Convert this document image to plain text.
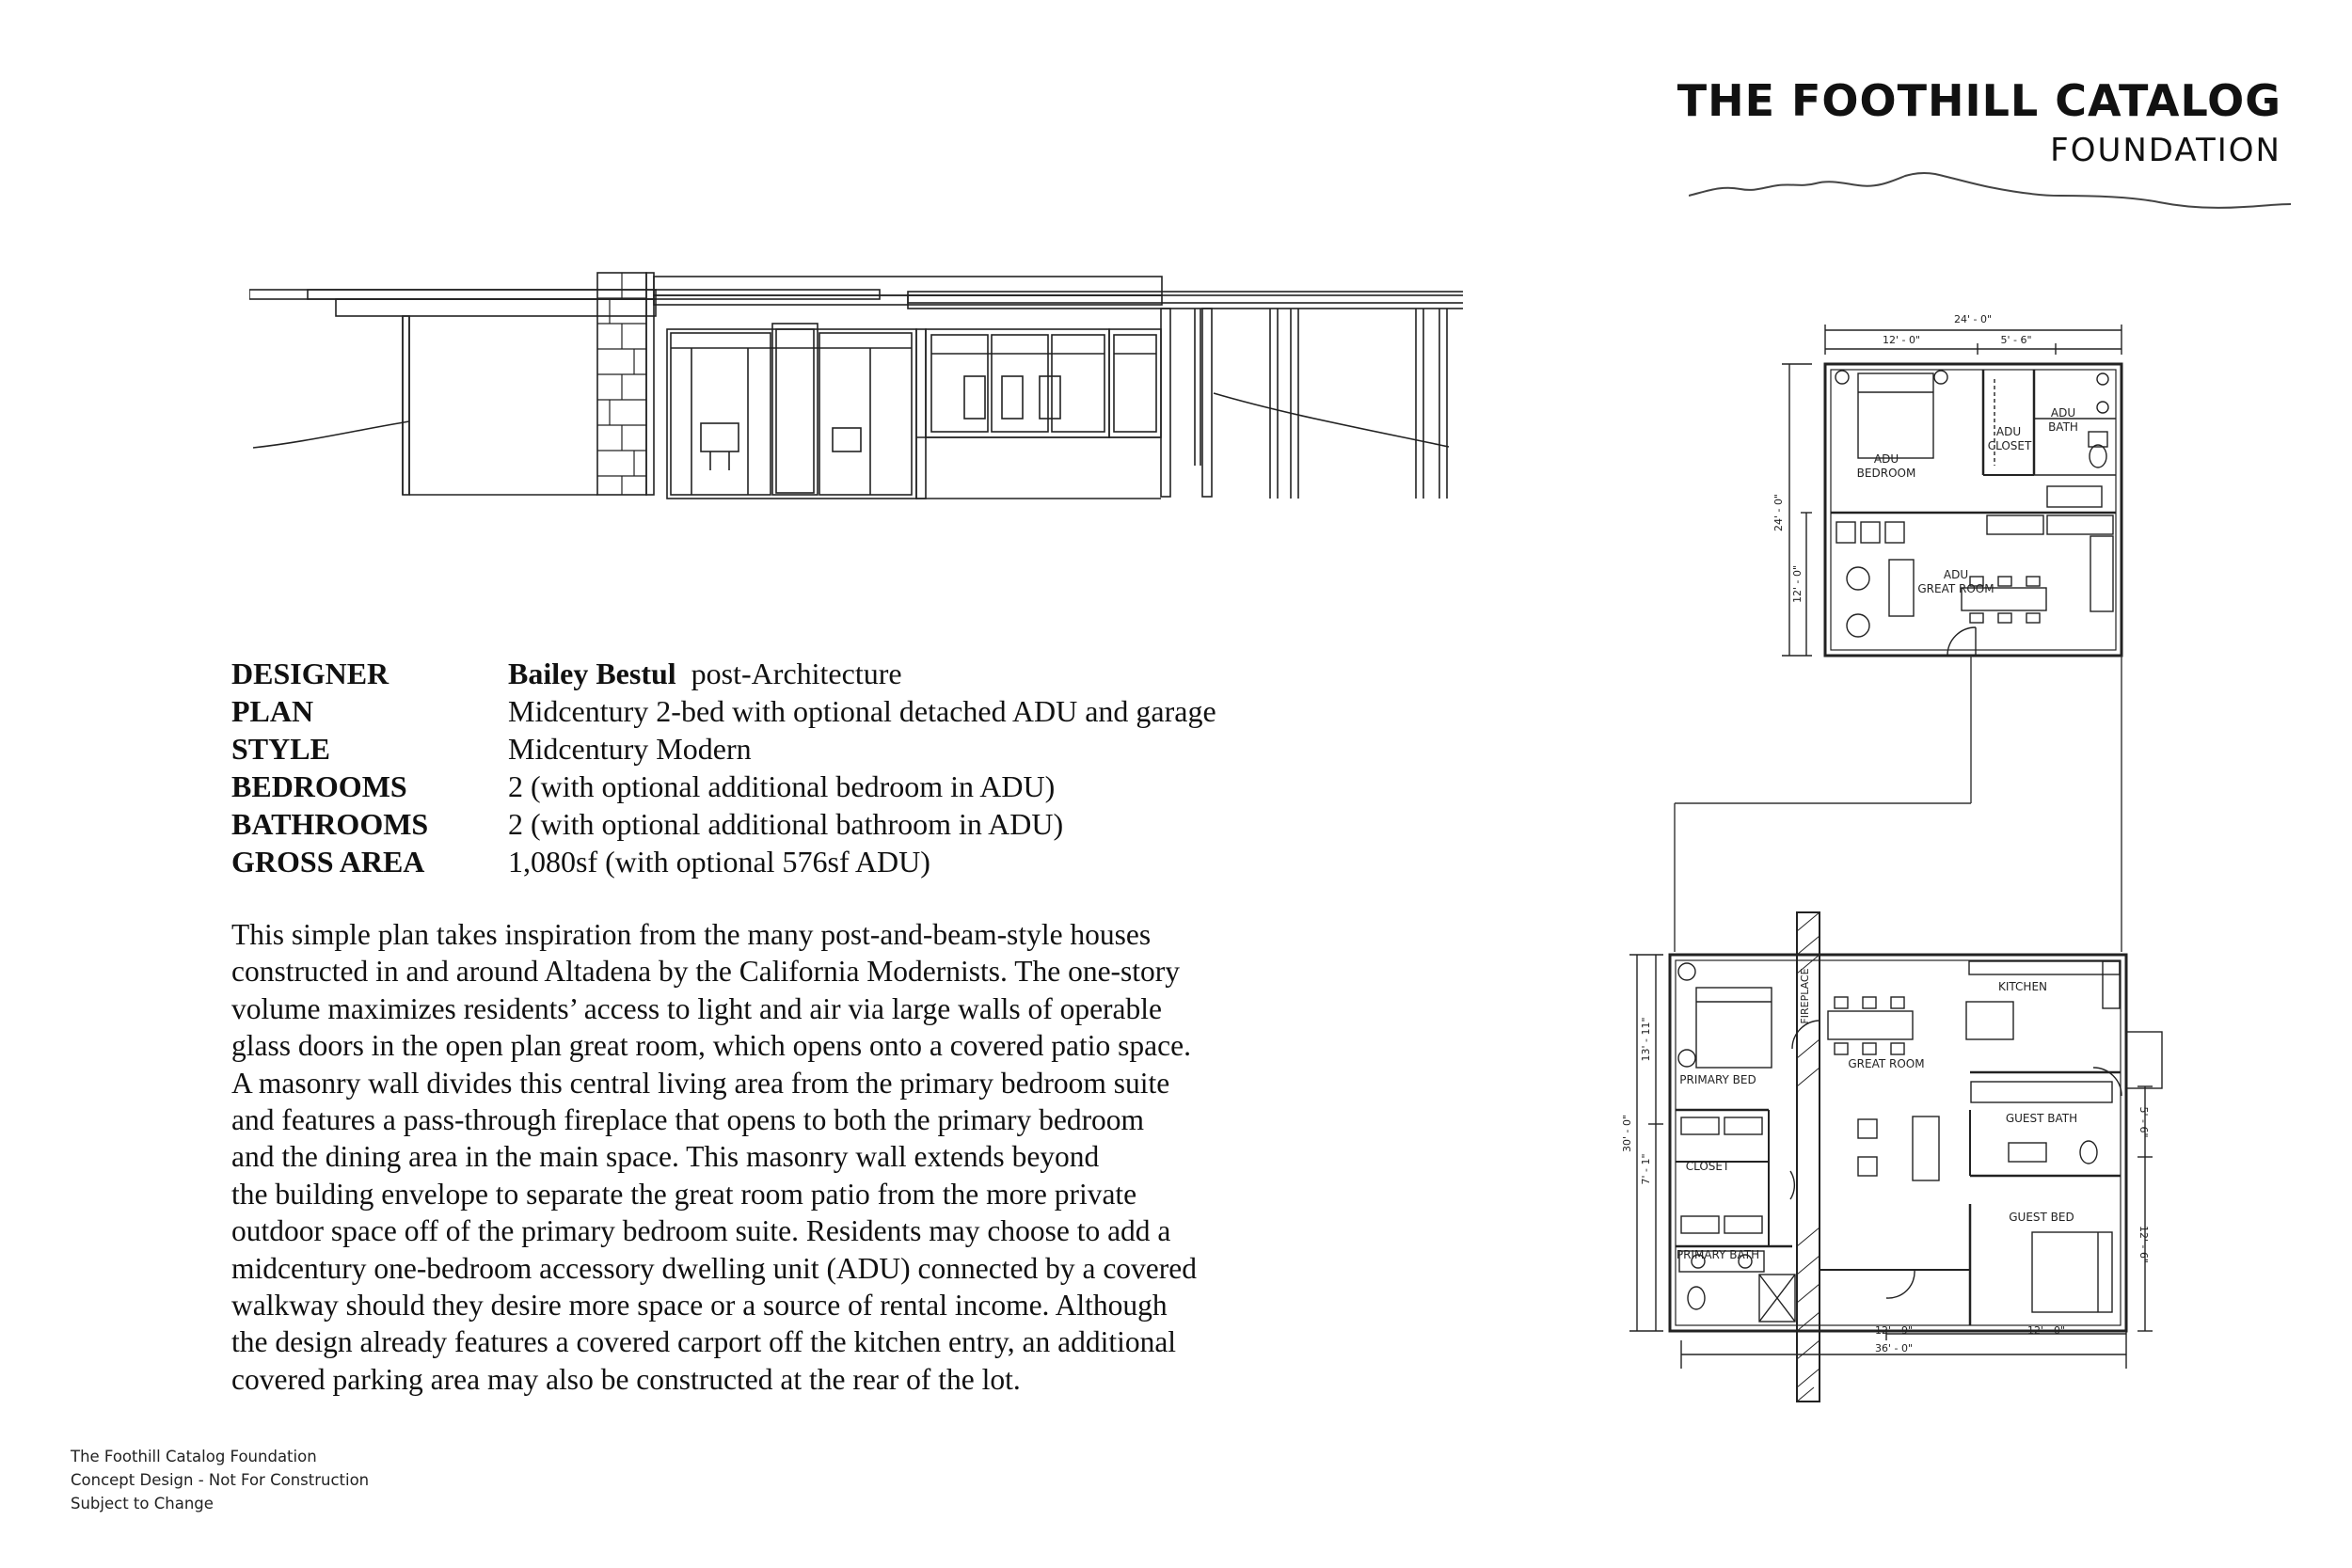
THE FOOTHILL CATALOG
FOUNDATION
DESIGNER	Bailey Bestul post-Architecture
PLAN	Midcentury 2-bed with optional detached ADU and garage
STYLE	Midcentury Modern
BEDROOMS	2 (with optional additional bedroom in ADU)
BATHROOMS	2 (with optional additional bathroom in ADU)
GROSS AREA	1,080sf (with optional 576sf ADU)
This simple plan takes inspiration from the many post-and-beam-style houses
constructed in and around Altadena by the California Modernists. The one-story
volume maximizes residents’ access to light and air via large walls of operable
glass doors in the open plan great room, which opens onto a covered patio space.
A masonry wall divides this central living area from the primary bedroom suite
and features a pass-through fireplace that opens to both the primary bedroom
and the dining area in the main space. This masonry wall extends beyond
the building envelope to separate the great room patio from the more private
outdoor space off of the primary bedroom suite. Residents may choose to add a
midcentury one-bedroom accessory dwelling unit (ADU) connected by a covered
walkway should they desire more space or a source of rental income. Although
the design already features a covered carport off the kitchen entry, an additional
covered parking area may also be constructed at the rear of the lot.
The Foothill Catalog Foundation
Concept Design - Not For Construction
Subject to Change
24' - 0"
12' - 0"	5' - 6"
24' - 0"
12' - 0"
ADU
BEDROOM
ADU
CLOSET
ADU
BATH
ADU
GREAT ROOM
FIREPLACE	KITCHEN
GREAT ROOM
PRIMARY BED
GUEST BATH
CLOSET
GUEST BED
PRIMARY BATH
13' - 11"
30' - 0"
7' - 1"
5' - 6"
12' - 6"
12' - 9"	12' - 0"
36' - 0"
